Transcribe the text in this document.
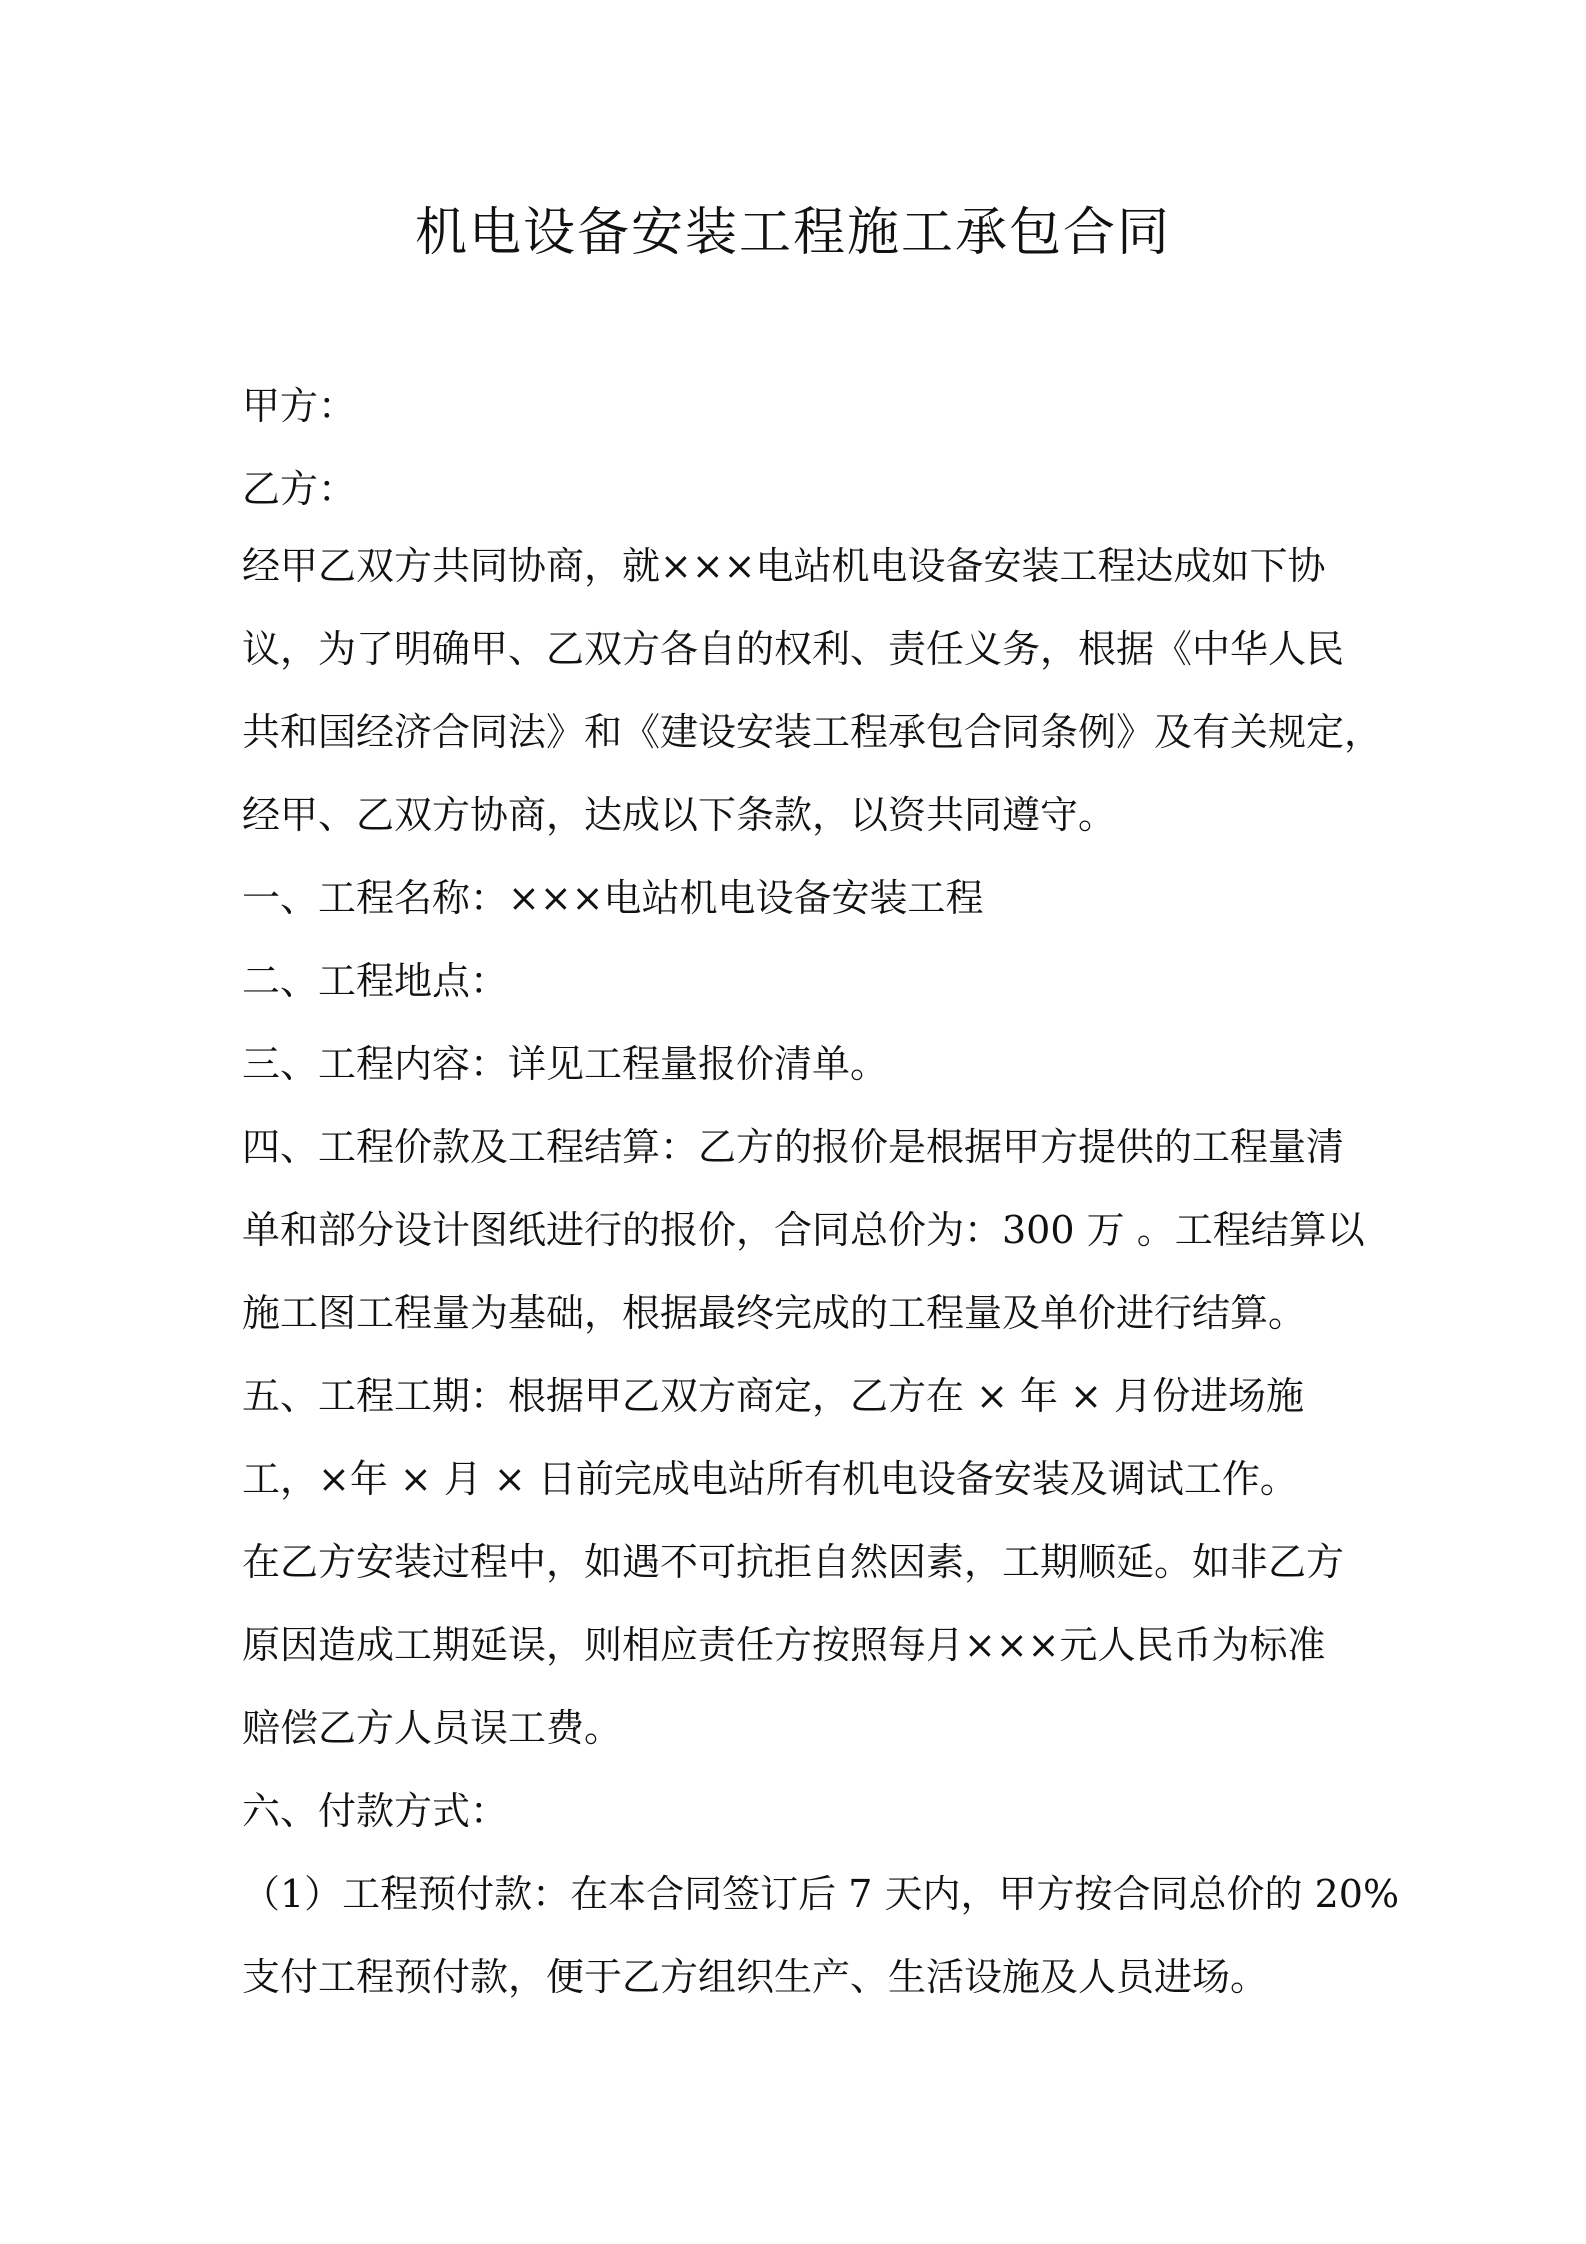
机电设备安装工程施工承包合同
甲方：
乙方：
经甲乙双方共同协商，就×××电站机电设备安装工程达成如下协
议，为了明确甲、乙双方各自的权利、责任义务，根据《中华人民
共和国经济合同法》和《建设安装工程承包合同条例》及有关规定，
经甲、乙双方协商，达成以下条款，以资共同遵守。
一、工程名称：×××电站机电设备安装工程
二、工程地点：
三、工程内容：详见工程量报价清单。
四、工程价款及工程结算：乙方的报价是根据甲方提供的工程量清
单和部分设计图纸进行的报价，合同总价为：300 万 。工程结算以
施工图工程量为基础，根据最终完成的工程量及单价进行结算。
五、工程工期：根据甲乙双方商定，乙方在 × 年 × 月份进场施
工，×年 × 月 × 日前完成电站所有机电设备安装及调试工作。
在乙方安装过程中，如遇不可抗拒自然因素，工期顺延。如非乙方
原因造成工期延误，则相应责任方按照每月×××元人民币为标准
赔偿乙方人员误工费。
六、付款方式：
（1）工程预付款：在本合同签订后 7 天内，甲方按合同总价的 20%
支付工程预付款，便于乙方组织生产、生活设施及人员进场。
